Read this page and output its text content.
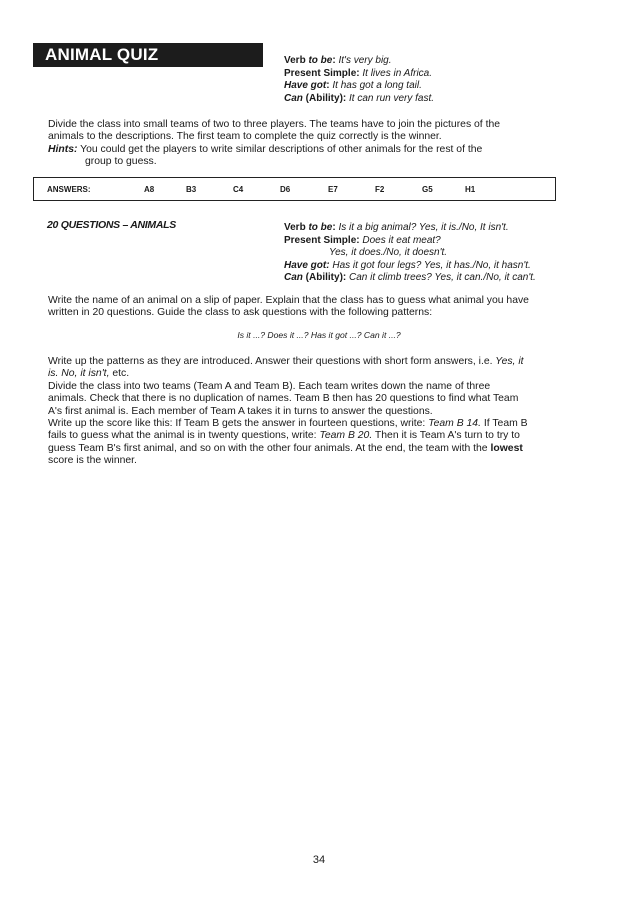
ANIMAL QUIZ	Verb to be: It's very big.
Present Simple: It lives in Africa.
Have got: It has got a long tail.
Can (Ability): It can run very fast.
Divide the class into small teams of two to three players. The teams have to join the pictures of the
animals to the descriptions. The first team to complete the quiz correctly is the winner.
Hints: You could get the players to write similar descriptions of other animals for the rest of the
group to guess.
ANSWERS:	A8	B3	C4	D6	E7	F2	G5	H1
20 QUESTIONS – ANIMALS	Verb to be: Is it a big animal? Yes, it is./No, It isn't.
Present Simple: Does it eat meat?
Yes, it does./No, it doesn't.
Have got: Has it got four legs? Yes, it has./No, it hasn't.
Can (Ability): Can it climb trees? Yes, it can./No, it can't.
Write the name of an animal on a slip of paper. Explain that the class has to guess what animal you have
written in 20 questions. Guide the class to ask questions with the following patterns:
Is it ...? Does it ...? Has it got ...? Can it ...?
Write up the patterns as they are introduced. Answer their questions with short form answers, i.e. Yes, it
is. No, it isn't, etc.
Divide the class into two teams (Team A and Team B). Each team writes down the name of three
animals. Check that there is no duplication of names. Team B then has 20 questions to find what Team
A's first animal is. Each member of Team A takes it in turns to answer the questions.
Write up the score like this: If Team B gets the answer in fourteen questions, write: Team B 14. If Team B
fails to guess what the animal is in twenty questions, write: Team B 20. Then it is Team A's turn to try to
guess Team B's first animal, and so on with the other four animals. At the end, the team with the lowest
score is the winner.
34
